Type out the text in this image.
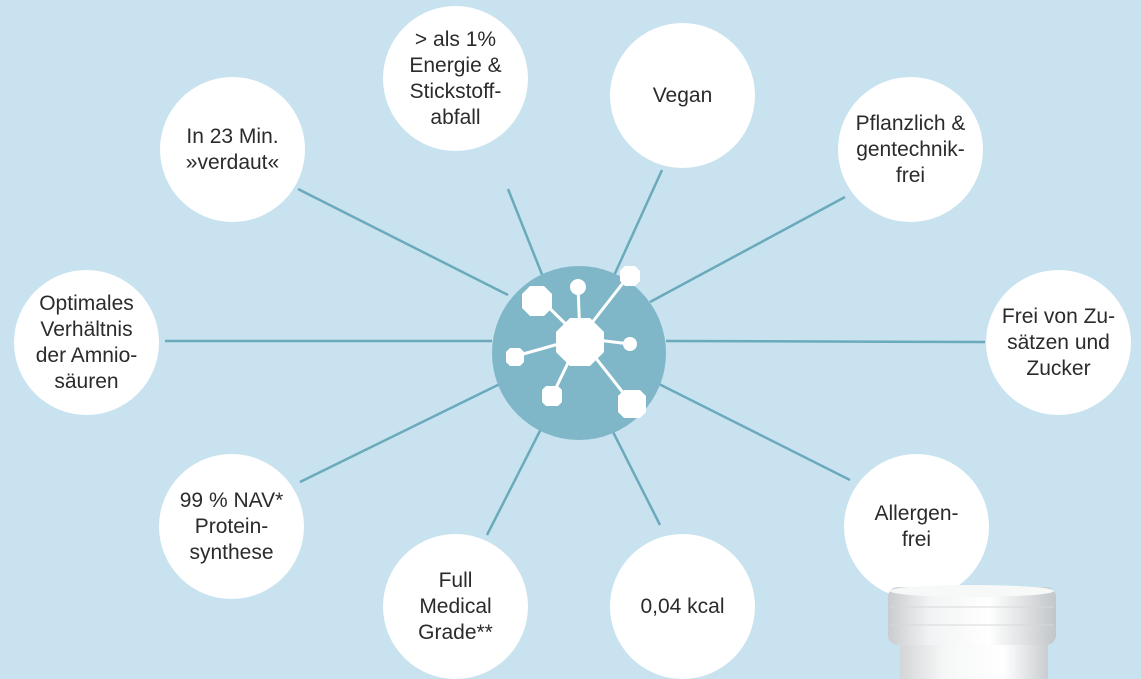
> als 1%
Energie &
Stickstoff-
abfall
Vegan
Pflanzlich &
gentechnik-
frei
Frei von Zu-
sätzen und
Zucker
Allergen-
frei
0,04 kcal
Full
Medical
Grade**
99 % NAV*
Protein-
synthese
Optimales
Verhältnis
der Amnio-
säuren
In 23 Min.
»verdaut«
